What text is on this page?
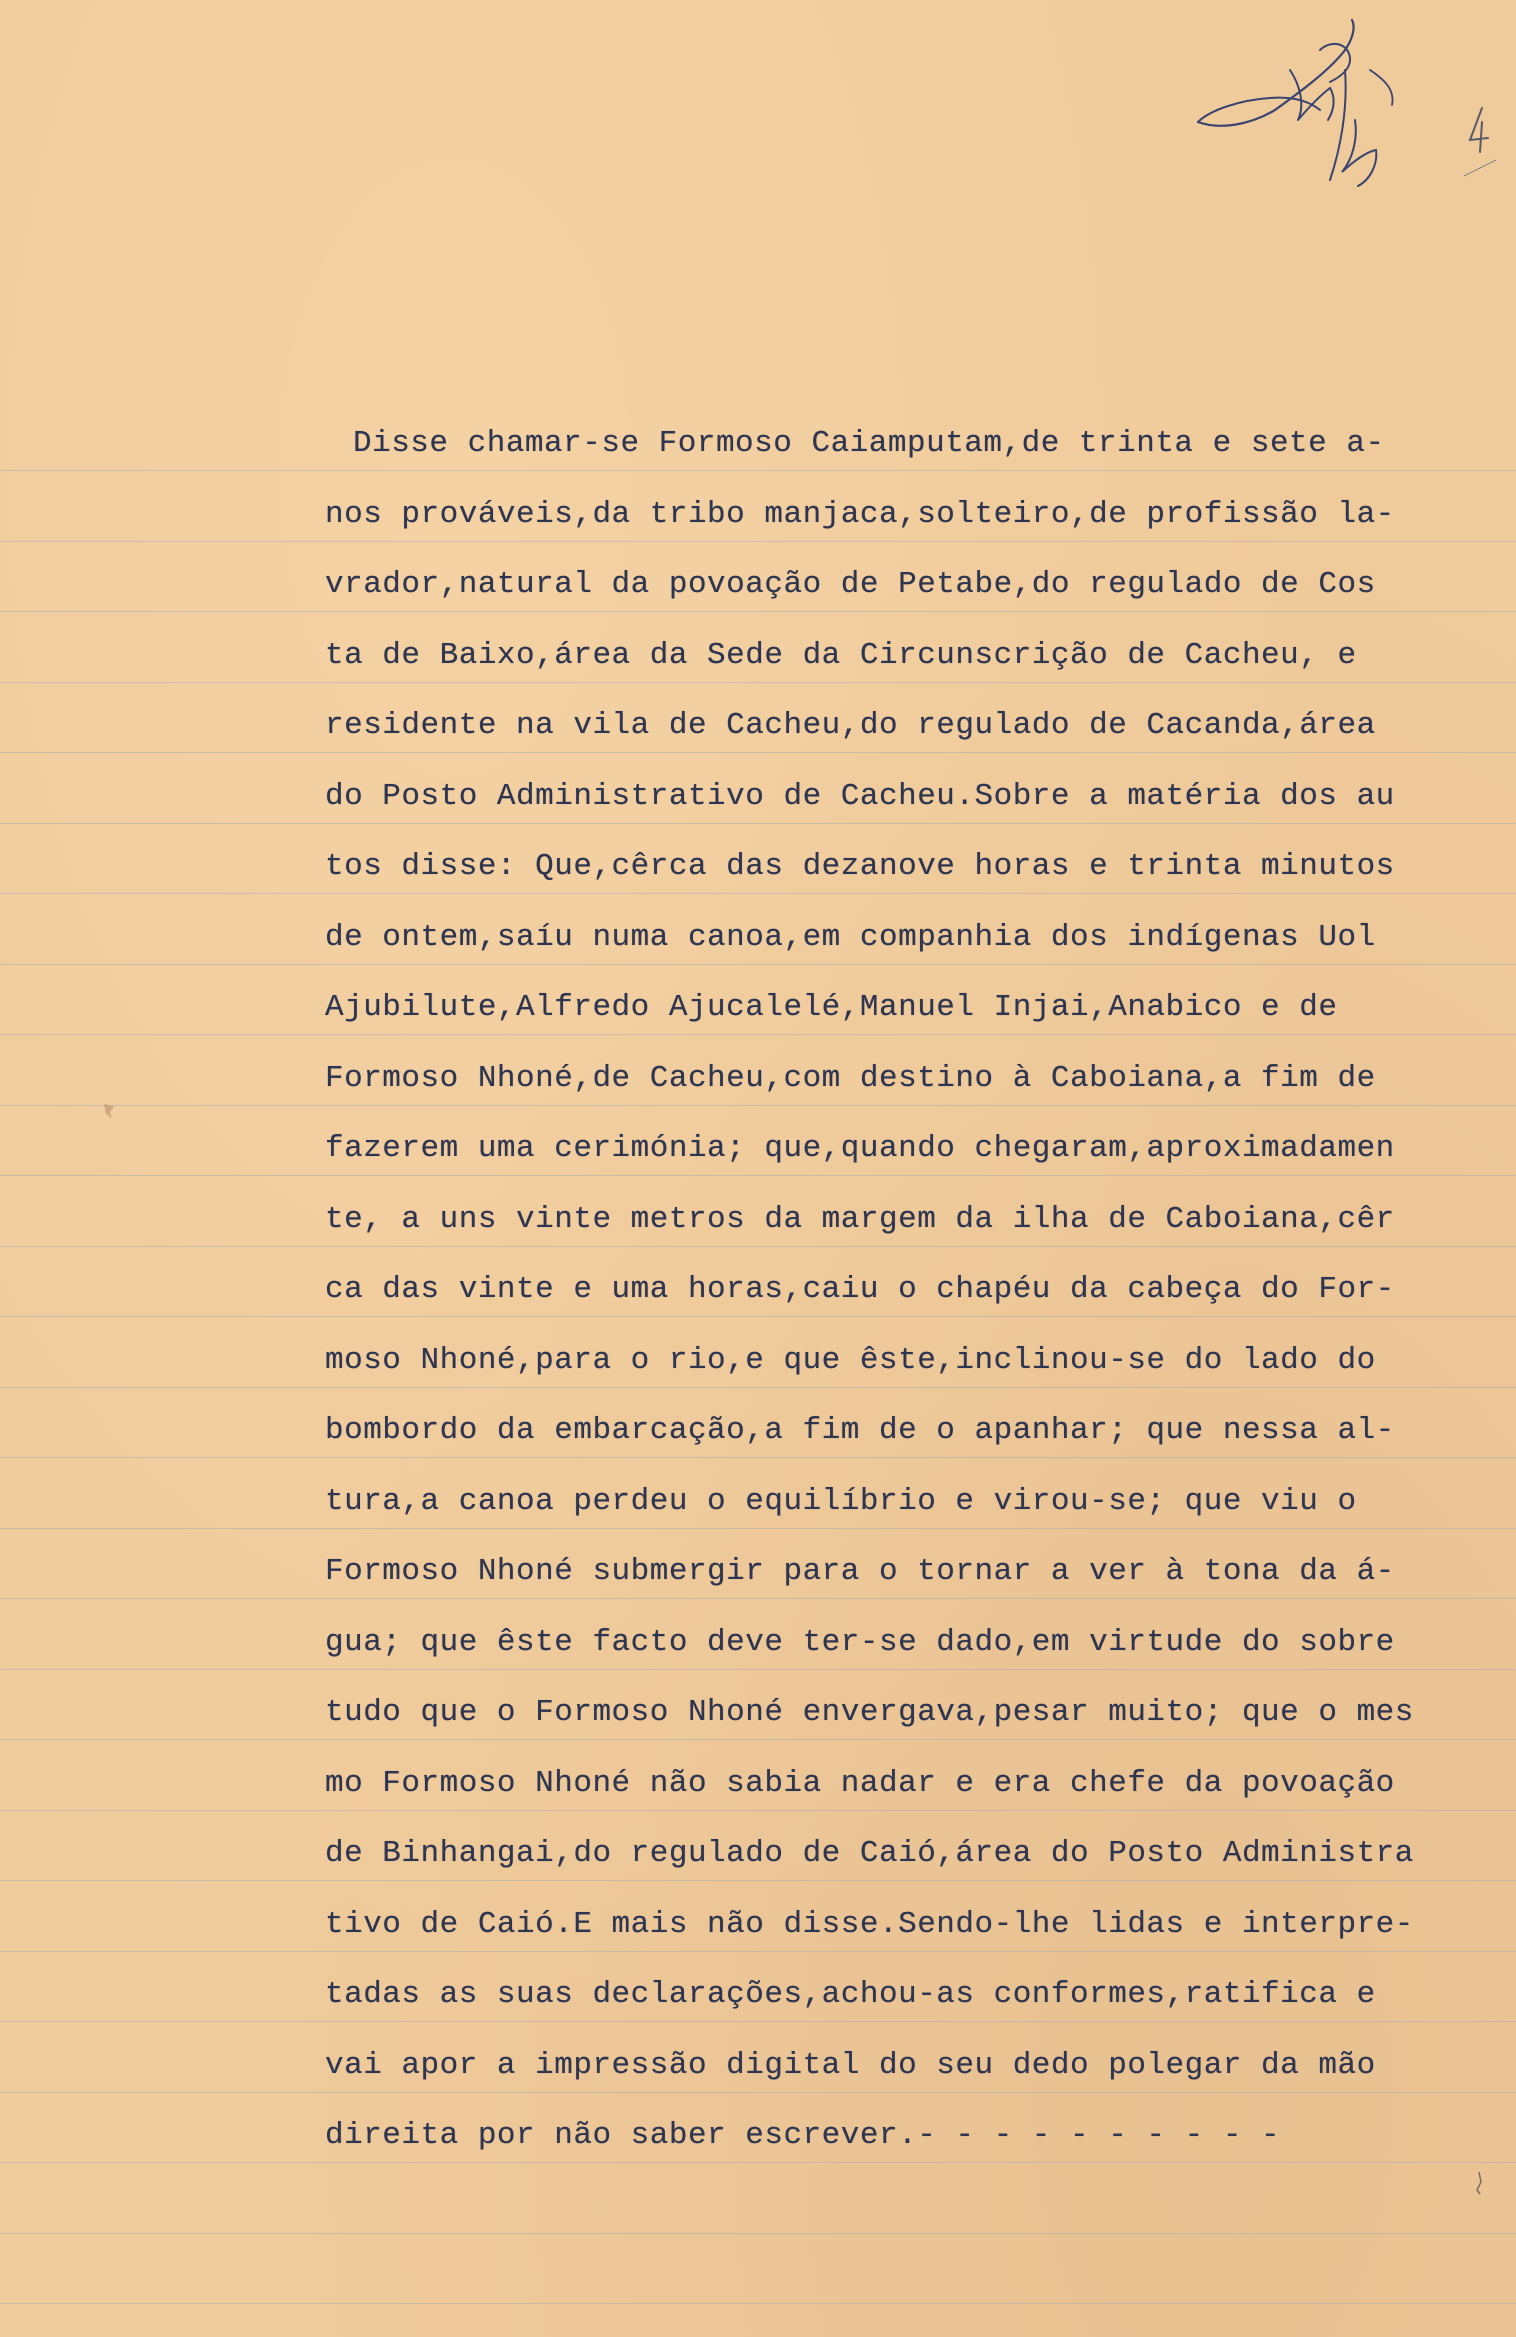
Disse chamar-se Formoso Caiamputam,de trinta e sete a-
nos prováveis,da tribo manjaca,solteiro,de profissão la-
vrador,natural da povoação de Petabe,do regulado de Cos
ta de Baixo,área da Sede da Circunscrição de Cacheu, e
residente na vila de Cacheu,do regulado de Cacanda,área
do Posto Administrativo de Cacheu.Sobre a matéria dos au
tos disse: Que,cêrca das dezanove horas e trinta minutos
de ontem,saíu numa canoa,em companhia dos indígenas Uol
Ajubilute,Alfredo Ajucalelé,Manuel Injai,Anabico e de
Formoso Nhoné,de Cacheu,com destino à Caboiana,a fim de
fazerem uma cerimónia; que,quando chegaram,aproximadamen
te, a uns vinte metros da margem da ilha de Caboiana,cêr
ca das vinte e uma horas,caiu o chapéu da cabeça do For-
moso Nhoné,para o rio,e que êste,inclinou-se do lado do
bombordo da embarcação,a fim de o apanhar; que nessa al-
tura,a canoa perdeu o equilíbrio e virou-se; que viu o
Formoso Nhoné submergir para o tornar a ver à tona da á-
gua; que êste facto deve ter-se dado,em virtude do sobre
tudo que o Formoso Nhoné envergava,pesar muito; que o mes
mo Formoso Nhoné não sabia nadar e era chefe da povoação
de Binhangai,do regulado de Caió,área do Posto Administra
tivo de Caió.E mais não disse.Sendo-lhe lidas e interpre-
tadas as suas declarações,achou-as conformes,ratifica e
vai apor a impressão digital do seu dedo polegar da mão
direita por não saber escrever.- - - - - - - - - -
